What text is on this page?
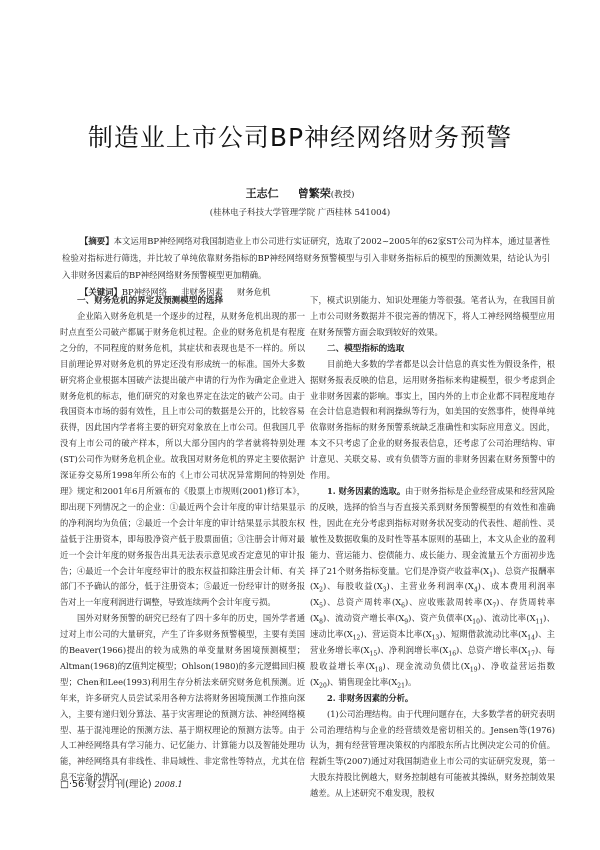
制造业上市公司BP神经网络财务预警
王志仁 曾繁荣(教授)
(桂林电子科技大学管理学院 广西桂林 541004)

【摘要】本文运用BP神经网络对我国制造业上市公司进行实证研究，选取了2002~2005年的62家ST公司为样本，通过显著性检验对指标进行筛选，并比较了单纯依靠财务指标的BP神经网络财务预警模型与引入非财务指标后的模型的预测效果，结论认为引入非财务因素后的BP神经网络财务预警模型更加精确。

【关键词】BP神经网络 非财务因素 财务危机

一、财务危机的界定及预测模型的选择

企业陷入财务危机是一个逐步的过程，从财务危机出现的那一时点直至公司破产都属于财务危机过程。企业的财务危机是有程度之分的，不同程度的财务危机，其症状和表现也是不一样的。所以目前理论界对财务危机的界定还没有形成统一的标准。国外大多数研究将企业根据本国破产法提出破产申请的行为作为确定企业进入财务危机的标志，他们研究的对象也界定在法定的破产公司。由于我国资本市场的弱有效性，且上市公司的数据是公开的，比较容易获得，因此国内学者将主要的研究对象放在上市公司。但我国几乎没有上市公司的破产样本，所以大部分国内的学者就将特别处理(ST)公司作为财务危机企业。故我国对财务危机的界定主要依据沪深证券交易所1998年所公布的《上市公司状况异常期间的特别处理》规定和2001年6月所颁布的《股票上市规则(2001)修订本》，即出现下列情况之一的企业：①最近两个会计年度的审计结果显示的净利润均为负值；②最近一个会计年度的审计结果显示其股东权益低于注册资本，即每股净资产低于股票面值；③注册会计师对最近一个会计年度的财务报告出具无法表示意见或否定意见的审计报告；④最近一个会计年度经审计的股东权益扣除注册会计师、有关部门不予确认的部分，低于注册资本；⑤最近一份经审计的财务报告对上一年度利润进行调整，导致连续两个会计年度亏损。

国外对财务预警的研究已经有了四十多年的历史，国外学者通过对上市公司的大量研究，产生了许多财务预警模型，主要有美国的Beaver(1966)提出的较为成熟的单变量财务困境预测模型；Altman(1968)的Z值判定模型；Ohlson(1980)的多元逻辑回归模型；Chen和Lee(1993)利用生存分析法来研究财务危机预测。近年来，许多研究人员尝试采用各种方法将财务困境预测工作推向深入，主要有递归划分算法、基于灾害理论的预测方法、神经网络模型、基于混沌理论的预测方法、基于期权理论的预测方法等。由于人工神经网络具有学习能力、记忆能力、计算能力以及智能处理功能，神经网络具有非线性、非局域性、非定常性等特点，尤其在信息不完备的情况

下，模式识别能力、知识处理能力等很强。笔者认为，在我国目前上市公司财务数据并不很完善的情况下，将人工神经网络模型应用在财务预警方面会取到较好的效果。

二、模型指标的选取

目前绝大多数的学者都是以会计信息的真实性为假设条件，根据财务报表反映的信息，运用财务指标来构建模型，很少考虑到企业非财务因素的影响。事实上，国内外的上市企业都不同程度地存在会计信息造假和利润操纵等行为，如美国的安然事件，使得单纯依靠财务指标的财务预警系统缺乏准确性和实际应用意义。因此，本文不只考虑了企业的财务报表信息，还考虑了公司治理结构、审计意见、关联交易、或有负债等方面的非财务因素在财务预警中的作用。

1. 财务因素的选取。由于财务指标是企业经营成果和经营风险的反映，选择的恰当与否直接关系到财务预警模型的有效性和准确性，因此在充分考虑到指标对财务状况变动的代表性、超前性、灵敏性及数据收集的及时性等基本原则的基础上，本文从企业的盈利能力、营运能力、偿债能力、成长能力、现金流量五个方面初步选择了21个财务指标变量。它们是净资产收益率$(X_1)$、总资产报酬率$(X_2)$、每股收益$(X_3)$、主营业务利润率$(X_4)$、成本费用利润率$(X_5)$、总资产周转率$(X_6)$、应收账款周转率$(X_7)$、存货周转率$(X_8)$、流动资产增长率$(X_9)$、资产负债率$(X_{10})$、流动比率$(X_{11})$、速动比率$(X_{12})$、营运资本比率$(X_{13})$、短期借款流动比率$(X_{14})$、主营业务增长率$(X_{15})$、净利润增长率$(X_{16})$、总资产增长率$(X_{17})$、每股收益增长率$(X_{18})$、现金流动负债比$(X_{19})$、净收益营运指数$(X_{20})$、销售现金比率$(X_{21})$。

2. 非财务因素的分析。

(1)公司治理结构。由于代理问题存在，大多数学者的研究表明公司治理结构与企业的经营绩效是密切相关的。Jensen等(1976)认为，拥有经营管理决策权的内部股东所占比例决定公司的价值。程新生等(2007)通过对我国制造业上市公司的实证研究发现，第一大股东持股比例越大，财务控制越有可能被其操纵，财务控制效果越差。从上述研究不难发现，股权

□·56·财会月刊(理论) 2008.1
